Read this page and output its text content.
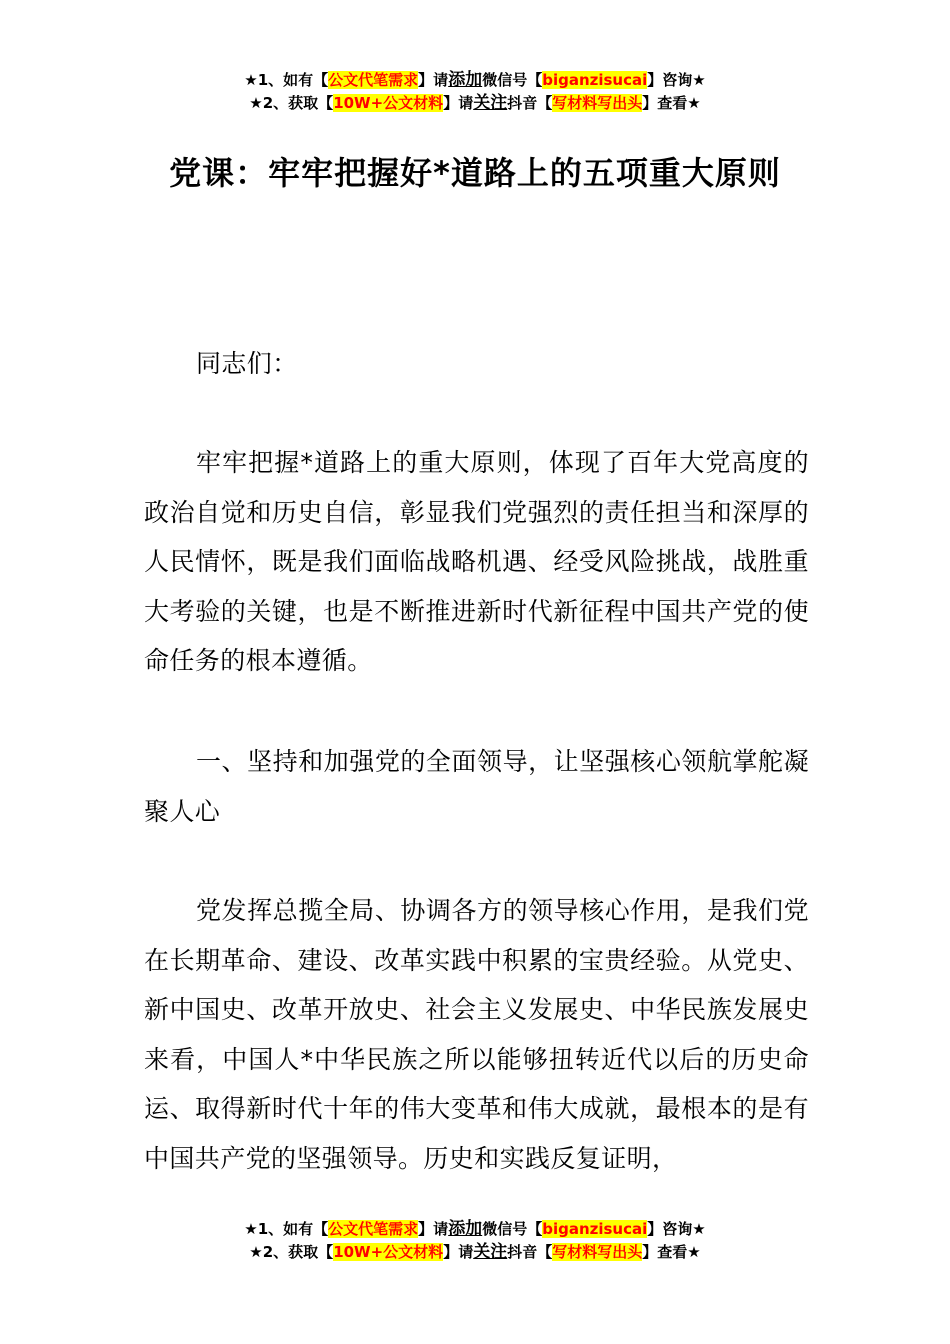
★1、如有【公文代笔需求】请添加微信号【biganzisucai】咨询★
★2、获取【10W+公文材料】请关注抖音【写材料写出头】查看★
党课：牢牢把握好*道路上的五项重大原则
同志们：
牢牢把握*道路上的重大原则，体现了百年大党高度的政治自觉和历史自信，彰显我们党强烈的责任担当和深厚的人民情怀，既是我们面临战略机遇、经受风险挑战，战胜重大考验的关键，也是不断推进新时代新征程中国共产党的使命任务的根本遵循。
一、坚持和加强党的全面领导，让坚强核心领航掌舵凝聚人心
党发挥总揽全局、协调各方的领导核心作用，是我们党在长期革命、建设、改革实践中积累的宝贵经验。从党史、新中国史、改革开放史、社会主义发展史、中华民族发展史来看，中国人*中华民族之所以能够扭转近代以后的历史命运、取得新时代十年的伟大变革和伟大成就，最根本的是有中国共产党的坚强领导。历史和实践反复证明，
★1、如有【公文代笔需求】请添加微信号【biganzisucai】咨询★
★2、获取【10W+公文材料】请关注抖音【写材料写出头】查看★
